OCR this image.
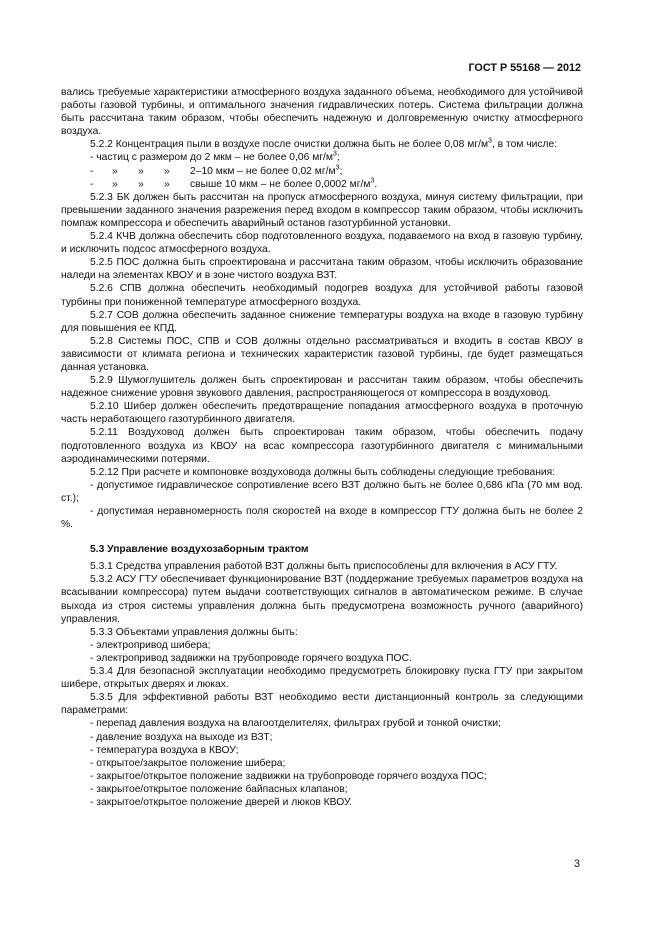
ГОСТ Р 55168 — 2012

вались требуемые характеристики атмосферного воздуха заданного объема, необходимого для устойчивой работы газовой турбины, и оптимального значения гидравлических потерь. Система фильтрации должна быть рассчитана таким образом, чтобы обеспечить надежную и долговременную очистку атмосферного воздуха.

5.2.2 Концентрация пыли в воздухе после очистки должна быть не более 0,08 $мг/м^3$, в том числе:

- частиц с размером до 2 мкм – не более 0,06 $мг/м^3$;

- » » » 2–10 мкм – не более 0,02 $мг/м^3$;

- » » » свыше 10 мкм – не более 0,0002 $мг/м^3$.

5.2.3 БК должен быть рассчитан на пропуск атмосферного воздуха, минуя систему фильтрации, при превышении заданного значения разрежения перед входом в компрессор таким образом, чтобы исключить помпаж компрессора и обеспечить аварийный останов газотурбинной установки.

5.2.4 КЧВ должна обеспечить сбор подготовленного воздуха, подаваемого на вход в газовую турбину, и исключить подсос атмосферного воздуха.

5.2.5 ПОС должна быть спроектирована и рассчитана таким образом, чтобы исключить образование наледи на элементах КВОУ и в зоне чистого воздуха ВЗТ.

5.2.6 СПВ должна обеспечить необходимый подогрев воздуха для устойчивой работы газовой турбины при пониженной температуре атмосферного воздуха.

5.2.7 СОВ должна обеспечить заданное снижение температуры воздуха на входе в газовую турбину для повышения ее КПД.

5.2.8 Системы ПОС, СПВ и СОВ должны отдельно рассматриваться и входить в состав КВОУ в зависимости от климата региона и технических характеристик газовой турбины, где будет размещаться данная установка.

5.2.9 Шумоглушитель должен быть спроектирован и рассчитан таким образом, чтобы обеспечить надежное снижение уровня звукового давления, распространяющегося от компрессора в воздуховод.

5.2.10 Шибер должен обеспечить предотвращение попадания атмосферного воздуха в проточную часть неработающего газотурбинного двигателя.

5.2.11 Воздуховод должен быть спроектирован таким образом, чтобы обеспечить подачу подготовленного воздуха из КВОУ на всас компрессора газотурбинного двигателя с минимальными аэродинамическими потерями.

5.2.12 При расчете и компоновке воздуховода должны быть соблюдены следующие требования:

- допустимое гидравлическое сопротивление всего ВЗТ должно быть не более 0,686 кПа (70 мм вод. ст.);

- допустимая неравномерность поля скоростей на входе в компрессор ГТУ должна быть не более 2 %.

5.3 Управление воздухозаборным трактом

5.3.1 Средства управления работой ВЗТ должны быть приспособлены для включения в АСУ ГТУ.

5.3.2 АСУ ГТУ обеспечивает функционирование ВЗТ (поддержание требуемых параметров воздуха на всасывании компрессора) путем выдачи соответствующих сигналов в автоматическом режиме. В случае выхода из строя системы управления должна быть предусмотрена возможность ручного (аварийного) управления.

5.3.3 Объектами управления должны быть:

- электропривод шибера;

- электропривод задвижки на трубопроводе горячего воздуха ПОС.

5.3.4 Для безопасной эксплуатации необходимо предусмотреть блокировку пуска ГТУ при закрытом шибере, открытых дверях и люках.

5.3.5 Для эффективной работы ВЗТ необходимо вести дистанционный контроль за следующими параметрами:

- перепад давления воздуха на влагоотделителях, фильтрах грубой и тонкой очистки;

- давление воздуха на выходе из ВЗТ;

- температура воздуха в КВОУ;

- открытое/закрытое положение шибера;

- закрытое/открытое положение задвижки на трубопроводе горячего воздуха ПОС;

- закрытое/открытое положение байпасных клапанов;

- закрытое/открытое положение дверей и люков КВОУ.

3
